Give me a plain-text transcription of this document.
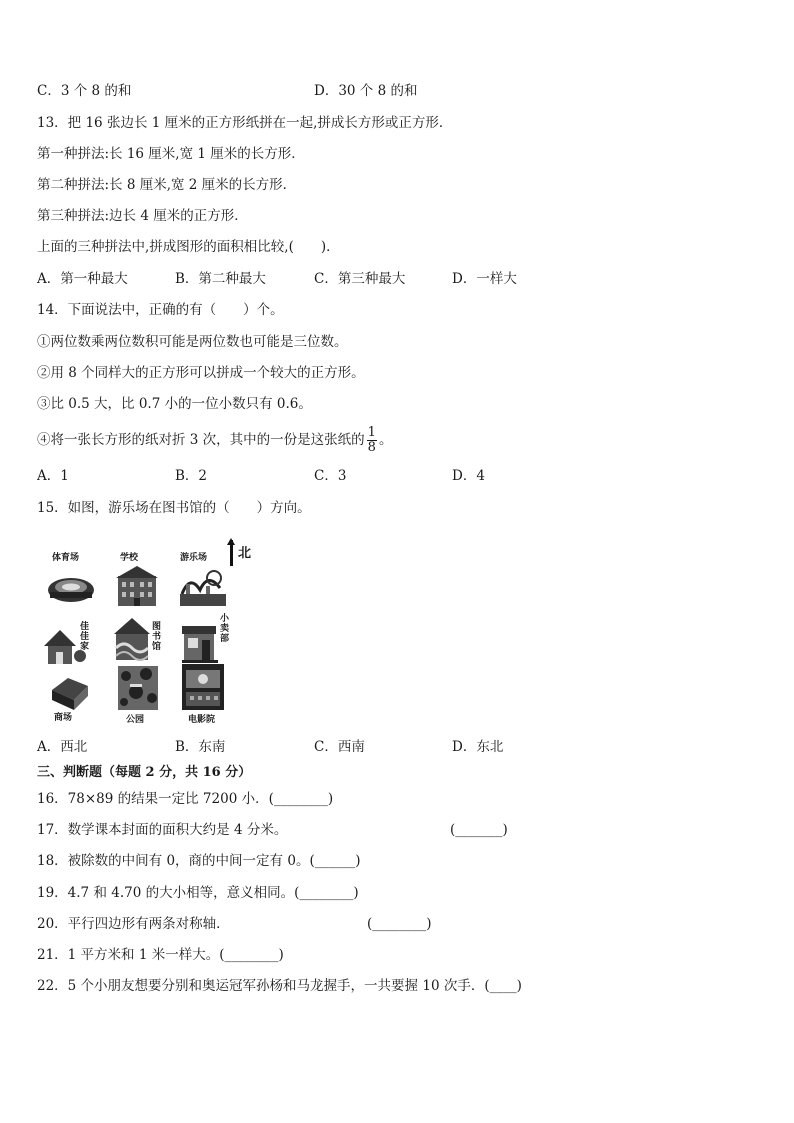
C．3 个 8 的和	D．30 个 8 的和
13．把 16 张边长 1 厘米的正方形纸拼在一起,拼成长方形或正方形．
第一种拼法:长 16 厘米,宽 1 厘米的长方形．
第二种拼法:长 8 厘米,宽 2 厘米的长方形．
第三种拼法:边长 4 厘米的正方形．
上面的三种拼法中,拼成图形的面积相比较,(　　)．
A．第一种最大	B．第二种最大	C．第三种最大	D．一样大
14．下面说法中，正确的有（　　）个。
①两位数乘两位数积可能是两位数也可能是三位数。
②用 8 个同样大的正方形可以拼成一个较大的正方形。
③比 0.5 大，比 0.7 小的一位小数只有 0.6。
④将一张长方形的纸对折 3 次，其中的一份是这张纸的 $\frac{1}{8}$ 。
A．1	B．2	C．3	D．4
15．如图，游乐场在图书馆的（　　）方向。
体育场	学校	游乐场 北
佳佳家
图书馆
小卖部
商场	公园	电影院
A．西北	B．东南	C．西南	D．东北
三、判断题（每题 2 分，共 16 分）
16．78×89 的结果一定比 7200 小．(________)
17．数学课本封面的面积大约是 4 分米。	(_______)
18．被除数的中间有 0，商的中间一定有 0。(______)
19．4.7 和 4.70 的大小相等，意义相同。(________)
20．平行四边形有两条对称轴．	(________)
21．1 平方米和 1 米一样大。(________)
22．5 个小朋友想要分别和奥运冠军孙杨和马龙握手，一共要握 10 次手．(____)
